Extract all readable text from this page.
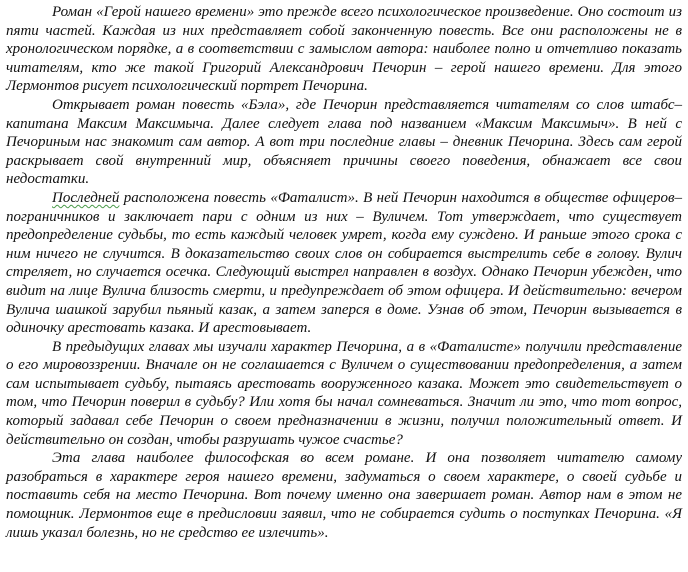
Роман «Герой нашего времени» это прежде всего психологическое произведение. Оно состоит из пяти частей. Каждая из них представляет собой законченную повесть. Все они расположены не в хронологическом порядке, а в соответствии с замыслом автора: наиболее полно и отчетливо показать читателям, кто же такой Григорий Александрович Печорин – герой нашего времени. Для этого Лермонтов рисует психологический портрет Печорина.

Открывает роман повесть «Бэла», где Печорин представляется читателям со слов штабс–капитана Максим Максимыча. Далее следует глава под названием «Максим Максимыч». В ней с Печориным нас знакомит сам автор. А вот три последние главы – дневник Печорина. Здесь сам герой раскрывает свой внутренний мир, объясняет причины своего поведения, обнажает все свои недостатки.

Последней расположена повесть «Фаталист». В ней Печорин находится в обществе офицеров–пограничников и заключает пари с одним из них – Вуличем. Тот утверждает, что существует предопределение судьбы, то есть каждый человек умрет, когда ему суждено. И раньше этого срока с ним ничего не случится. В доказательство своих слов он собирается выстрелить себе в голову. Вулич стреляет, но случается осечка. Следующий выстрел направлен в воздух. Однако Печорин убежден, что видит на лице Вулича близость смерти, и предупреждает об этом офицера. И действительно: вечером Вулича шашкой зарубил пьяный казак, а затем заперся в доме. Узнав об этом, Печорин вызывается в одиночку арестовать казака. И арестовывает.

В предыдущих главах мы изучали характер Печорина, а в «Фаталисте» получили представление о его мировоззрении. Вначале он не соглашается с Вуличем о существовании предопределения, а затем сам испытывает судьбу, пытаясь арестовать вооруженного казака. Может это свидетельствует о том, что Печорин поверил в судьбу? Или хотя бы начал сомневаться. Значит ли это, что тот вопрос, который задавал себе Печорин о своем предназначении в жизни, получил положительный ответ. И действительно он создан, чтобы разрушать чужое счастье?

Эта глава наиболее философская во всем романе. И она позволяет читателю самому разобраться в характере героя нашего времени, задуматься о своем характере, о своей судьбе и поставить себя на место Печорина. Вот почему именно она завершает роман. Автор нам в этом не помощник. Лермонтов еще в предисловии заявил, что не собирается судить о поступках Печорина. «Я лишь указал болезнь, но не средство ее излечить».
